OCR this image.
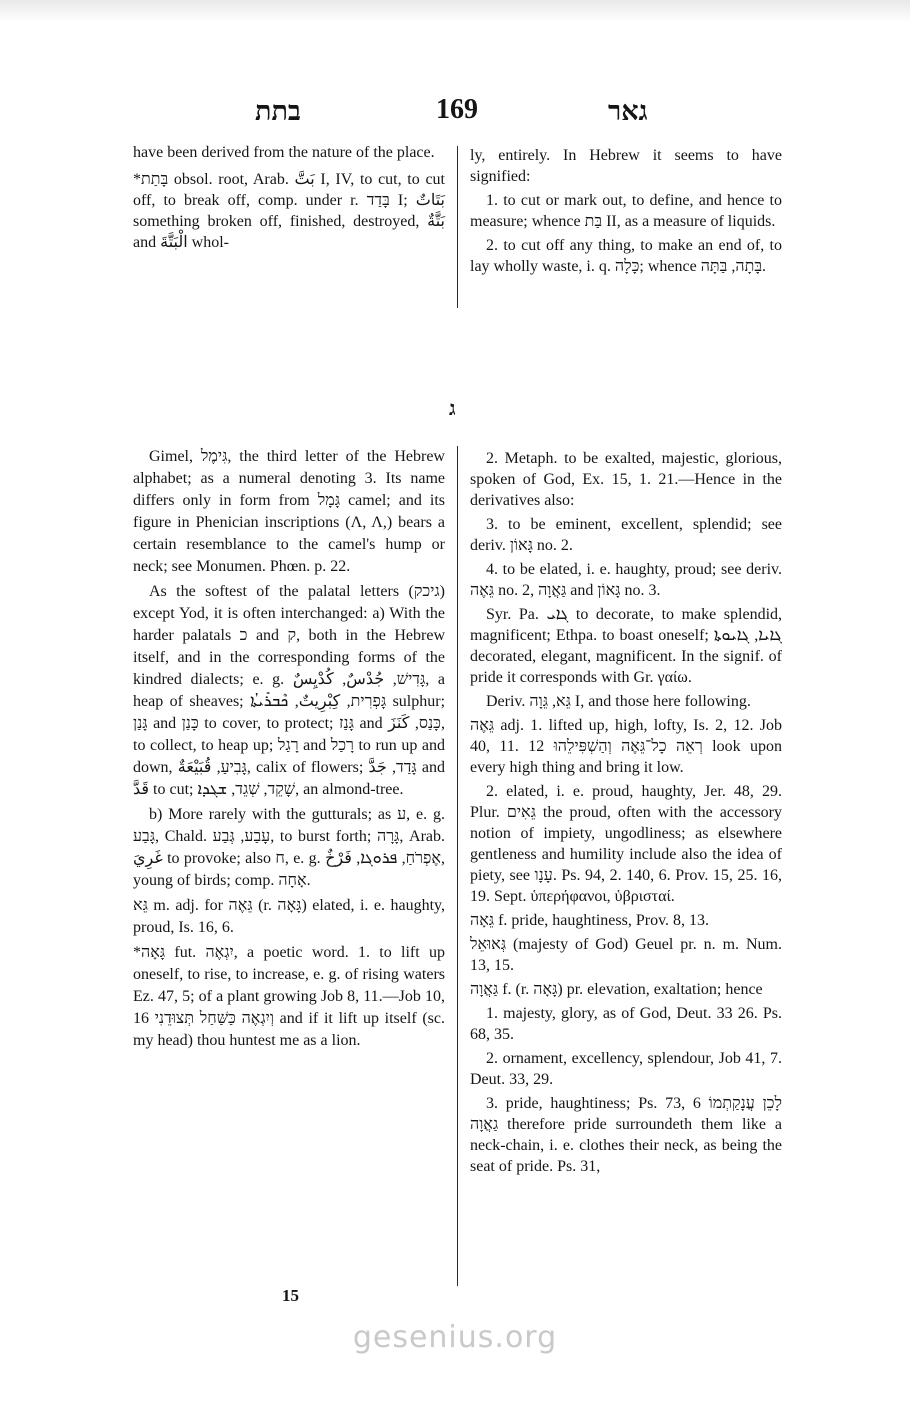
בתת	169	גאר

have been derived from the nature of the place.

*בָּתַת obsol. root, Arab. بَتَّ I, IV, to cut, to cut off, to break off, comp. under r. בָּדַד I; بَتَاتٌ something broken off, finished, destroyed, بَتَّةٌ and الْبَتَّةَ whol-

ly, entirely. In Hebrew it seems to have signified:

1. to cut or mark out, to define, and hence to measure; whence בַּת II, as a measure of liquids.

2. to cut off any thing, to make an end of, to lay wholly waste, i. q. כָּלָה; whence בָּתָה, בַּתָּה.

ג

Gimel, גִּימֶל, the third letter of the Hebrew alphabet; as a numeral denoting 3. Its name differs only in form from גָּמָל camel; and its figure in Phenician inscriptions (Λ, Λ,) bears a certain resemblance to the camel's hump or neck; see Monumen. Phœn. p. 22.

As the softest of the palatal letters (גיכק) except Yod, it is often interchanged: a) With the harder palatals כ and ק, both in the Hebrew itself, and in the corresponding forms of the kindred dialects; e. g. גָּדִישׁ, جُدْسٌ, كُدْيِسٌ, a heap of sheaves; גָּפְרִית, كِبْرِيتٌ, ܟܶܒܪܺܝܬܳܐ sulphur; גָּנַן and כָּנַן to cover, to protect; גָּנַז and כָּנַס, كَنَزَ, to collect, to heap up; רָגַל and רָכַל to run up and down, גָּבִיעַ, قُبَيْعَةٌ, calix of flowers; גָּדַד, جَدَّ and قَدَّ to cut; שָׁקֵד, שְׁגֵד, ܫܓܕܐ, an almond-tree.

b) More rarely with the gutturals; as ע, e. g. גָּבַע, Chald. עָבַע, גְּבַע, to burst forth; גָּרָה, Arab. غَرِيَ to provoke; also ח, e. g. אֶפְרֹחַ, ܦܪܘܓܐ, فَرْخٌ, young of birds; comp. אָחָה.

גֵּא m. adj. for גֵּאֶה (r. גָּאָה) elated, i. e. haughty, proud, Is. 16, 6.

*גָּאָה fut. יִגְאֶה, a poetic word. 1. to lift up oneself, to rise, to increase, e. g. of rising waters Ez. 47, 5; of a plant growing Job 8, 11.—Job 10, 16 וְיִגְאֶה כַּשַּׁחַל תְּצוּדֵנִי and if it lift up itself (sc. my head) thou huntest me as a lion.

2. Metaph. to be exalted, majestic, glorious, spoken of God, Ex. 15, 1. 21.—Hence in the derivatives also:

3. to be eminent, excellent, splendid; see deriv. גָּאוֹן no. 2.

4. to be elated, i. e. haughty, proud; see deriv. גֵּאֶה no. 2, גַּאֲוָה and גָּאוֹן no. 3.

Syr. Pa. ܓܐܝ to decorate, to make splendid, magnificent; Ethpa. to boast oneself; ܓܐܝܐ, ܓܐܝܘܬܐ decorated, elegant, magnificent. In the signif. of pride it corresponds with Gr. γαίω.

Deriv. גֵּא, גֵּוָה I, and those here following.

גֵּאֶה adj. 1. lifted up, high, lofty, Is. 2, 12. Job 40, 11. 12 רְאֵה כָל־גֵּאֶה וְהַשְׁפִּילֵהוּ look upon every high thing and bring it low.

2. elated, i. e. proud, haughty, Jer. 48, 29. Plur. גֵּאִים the proud, often with the accessory notion of impiety, ungodliness; as elsewhere gentleness and humility include also the idea of piety, see עָנָו. Ps. 94, 2. 140, 6. Prov. 15, 25. 16, 19. Sept. ὑπερήφανοι, ὑβρισταί.

גֵּאָה f. pride, haughtiness, Prov. 8, 13.

גְּאוּאֵל (majesty of God) Geuel pr. n. m. Num. 13, 15.

גַּאֲוָה f. (r. גָּאָה) pr. elevation, exaltation; hence

1. majesty, glory, as of God, Deut. 33 26. Ps. 68, 35.

2. ornament, excellency, splendour, Job 41, 7. Deut. 33, 29.

3. pride, haughtiness; Ps. 73, 6 לָכֵן עֲנָקַתְמוֹ גַאֲוָה therefore pride surroundeth them like a neck-chain, i. e. clothes their neck, as being the seat of pride. Ps. 31,

15
gesenius.org
